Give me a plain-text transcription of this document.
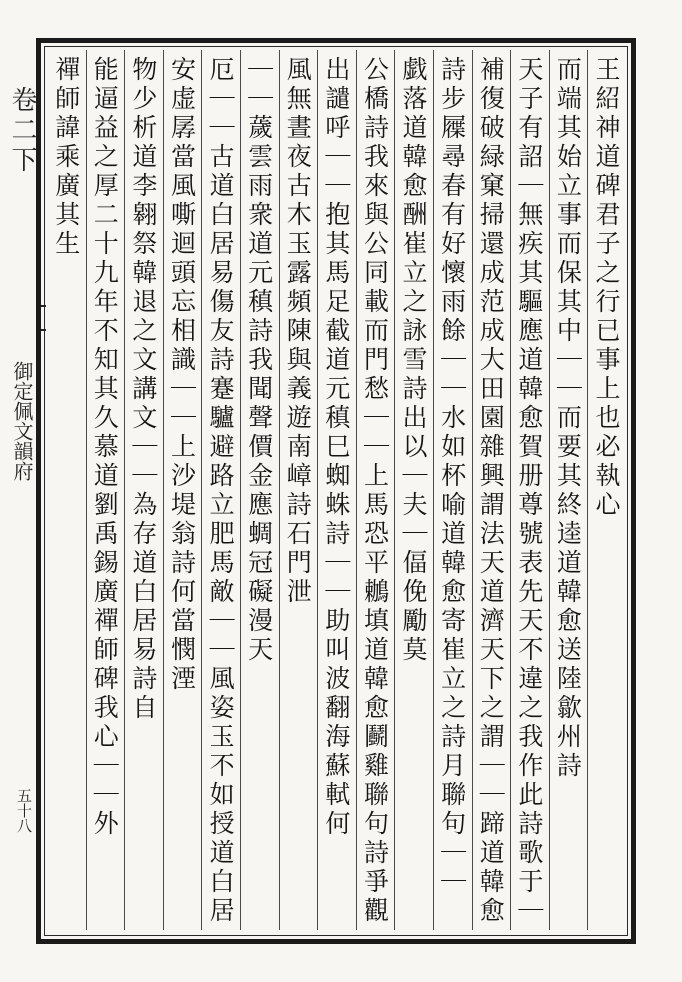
卷二下
御定佩文韻府
五十八
王紹神道碑君子之行已事上也必執心
而端其始立事而保其中｜｜而要其終逵道韓愈送陸歙州詩
天子有詔｜無疾其驅應道韓愈賀册尊號表先天不違之我作此詩歌于｜
補復破緑窠掃還成范成大田園雜興謂法天道濟天下之謂｜｜蹄道韓愈
詩步屧尋春有好懷雨餘｜｜水如杯喻道韓愈寄崔立之詩月聯句｜｜
戯落道韓愈酬崔立之詠雪詩出以｜夫｜偪俛勵莫
公橋詩我來與公同載而門愁｜｜上馬恐平鶒填道韓愈鬬雞聯句詩爭觀
出譴呼｜｜抱其馬足截道元稹巳蜘蛛詩｜｜助叫波翻海蘇軾何
風無晝夜古木玉露頻陳與義遊南嶂詩石門泄
｜｜薉雲雨衆道元稹詩我聞聲價金應蜩冠礙漫天
厄｜｜古道白居易傷友詩蹇驢避路立肥馬敵｜｜風姿玉不如授道白居
安虚孱當風嘶迴頭忘相識｜｜上沙堤翁詩何當憫湮
物少析道李翱祭韓退之文講文｜｜為存道白居易詩自
能逼益之厚二十九年不知其久慕道劉禹錫廣禪師碑我心｜｜外
禪師諱乘廣其生
